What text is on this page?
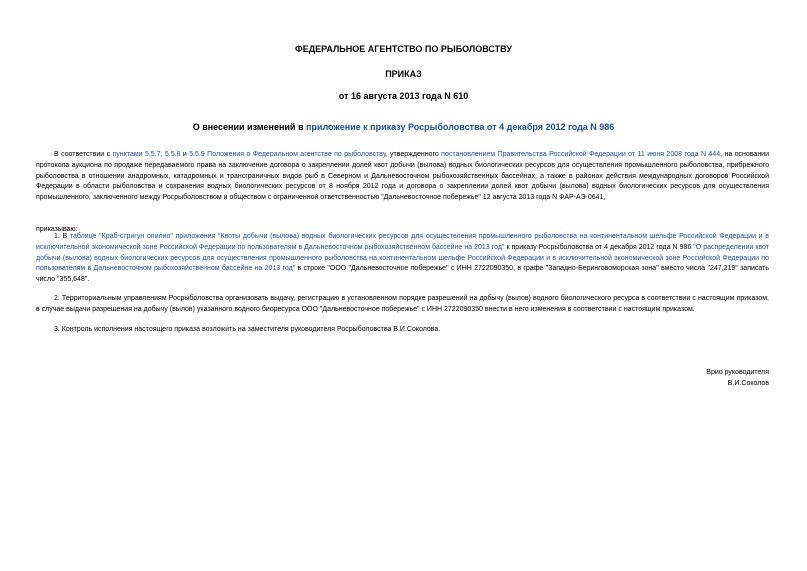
ФЕДЕРАЛЬНОЕ АГЕНТСТВО ПО РЫБОЛОВСТВУ
ПРИКАЗ
от 16 августа 2013 года N 610
О внесении изменений в приложение к приказу Росрыболовства от 4 декабря 2012 года N 986

В соответствии с пунктами 5.5.7, 5.5.8 и 5.5.9 Положения о Федеральном агентстве по рыболовству, утвержденного постановлением Правительства Российской Федерации от 11 июня 2008 года N 444, на основании протокола аукциона по продаже передаваемого права на заключение договора о закреплении долей квот добычи (вылова) водных биологических ресурсов для осуществления промышленного рыболовства, прибрежного рыболовства в отношении анадромных, катадромных и трансграничных видов рыб в Северном и Дальневосточном рыбохозяйственных бассейнах, а также в районах действия международных договоров Российской Федерации в области рыболовства и сохранения водных биологических ресурсов от 8 ноября 2012 года и договора о закреплении долей квот добычи (вылова) водных биологических ресурсов для осуществления промышленного, заключенного между Росрыболовством и обществом с ограниченной ответственностью "Дальневосточное побережье" 12 августа 2013 года N ФАР-АЭ-0641,

приказываю:

1. В таблице "Краб-стригун опилио" приложения "Квоты добычи (вылова) водных биологических ресурсов для осуществления промышленного рыболовства на континентальном шельфе Российской Федерации и в исключительной экономической зоне Российской Федерации по пользователям в Дальневосточном рыбохозяйственном бассейне на 2013 год" к приказу Росрыболовства от 4 декабря 2012 года N 986 "О распределении квот добычи (вылова) водных биологических ресурсов для осуществления промышленного рыболовства на континентальном шельфе Российской Федерации и в исключительной экономической зоне Российской Федерации по пользователям в Дальневосточном рыбохозяйственном бассейне на 2013 год" в строке "ООО "Дальневосточное побережье" с ИНН 2722090350, в графе "Западно-Беринговоморская зона" вместо числа "247,219" записать число "355,648".

2. Территориальным управлениям Росрыболовства организовать выдачу, регистрацию в установленном порядке разрешений на добычу (вылов) водного биологического ресурса в соответствии с настоящим приказом, в случае выдачи разрешения на добычу (вылов) указанного водного биоресурса ООО "Дальневосточное побережье" с ИНН 2722090350 внести в него изменения в соответствии с настоящим приказом.

3. Контроль исполнения настоящего приказа возложить на заместителя руководителя Росрыболовства В.И.Соколова.

Врио руководителя
В.И.Соколов
